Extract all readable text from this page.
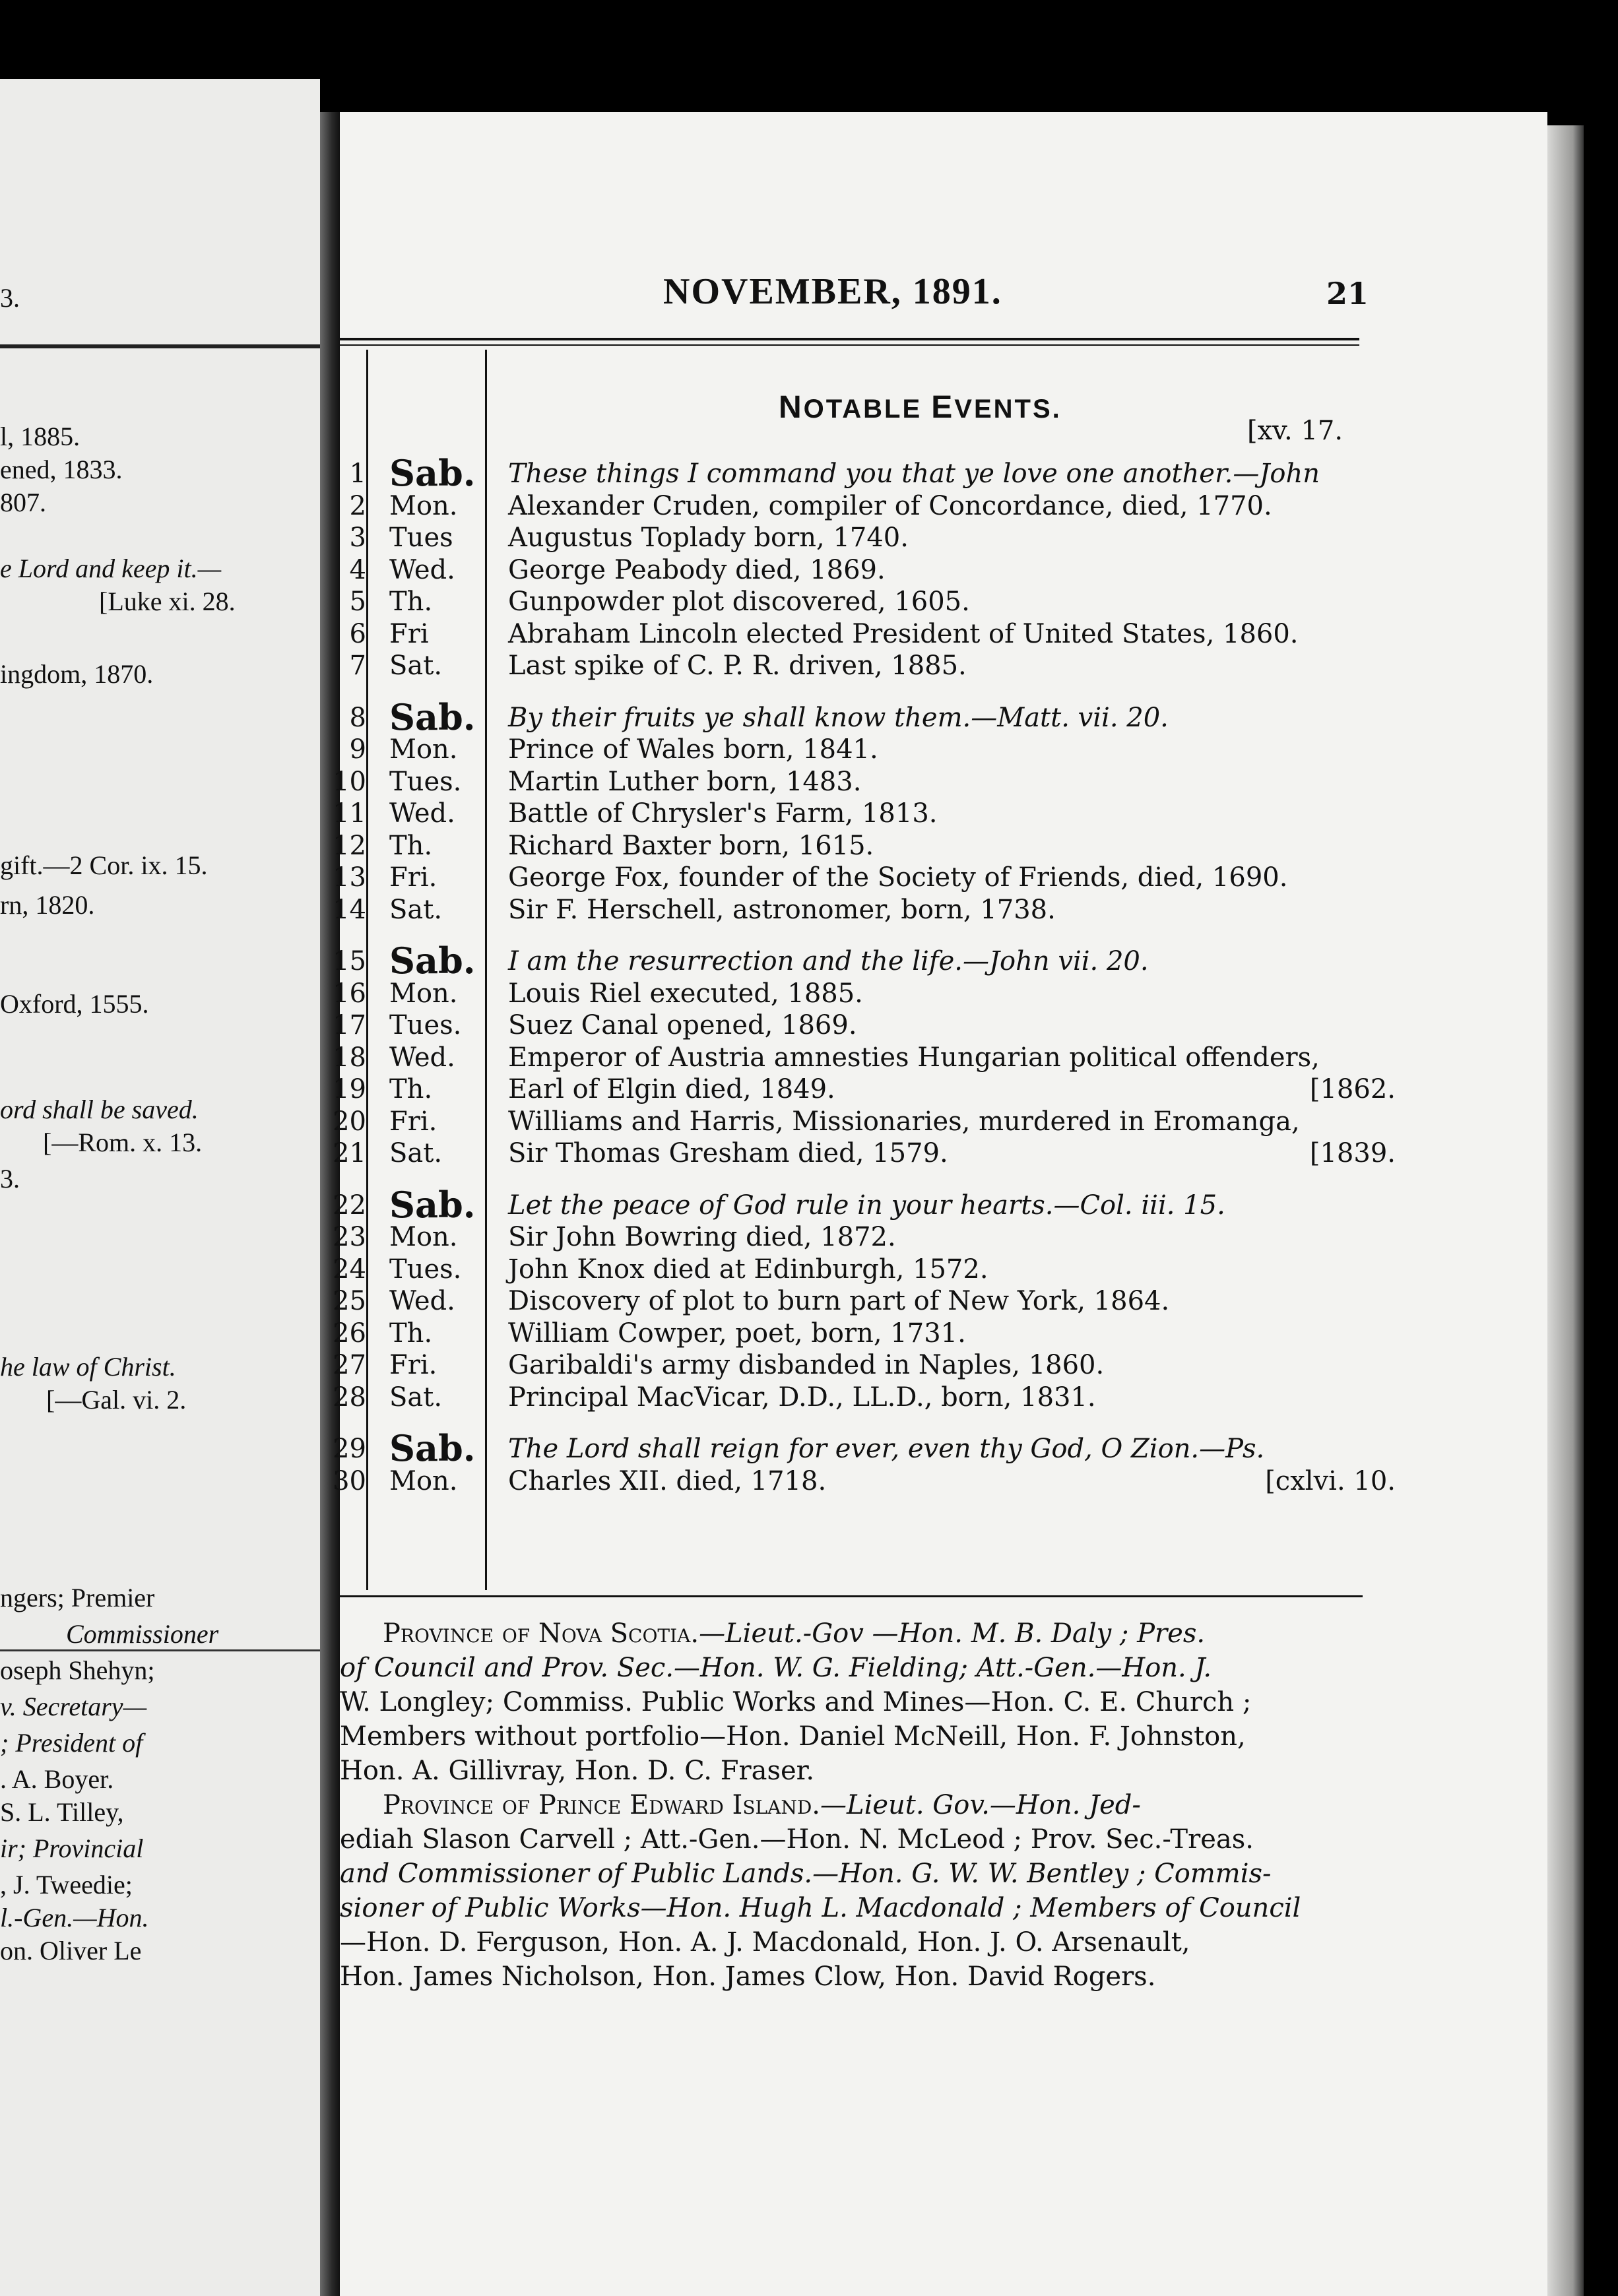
3.
l, 1885.
ened, 1833.
807.
e Lord and keep it.—
[Luke xi. 28.
ingdom, 1870.
gift.—2 Cor. ix. 15.
rn, 1820.
Oxford, 1555.
ord shall be saved.
[—Rom. x. 13.
3.
he law of Christ.
[—Gal. vi. 2.
ngers; Premier
Commissioner
oseph Shehyn;
v. Secretary—
; President of
. A. Boyer.
S. L. Tilley,
ir; Provincial
, J. Tweedie;
l.-Gen.—Hon.
on. Oliver Le
NOVEMBER, 1891.	21
NOTABLE EVENTS.
[xv. 17.
1 Sab. These things I command you that ye love one another.—John
2 Mon. Alexander Cruden, compiler of Concordance, died, 1770.
3 Tues Augustus Toplady born, 1740.
4 Wed. George Peabody died, 1869.
5 Th.	Gunpowder plot discovered, 1605.
6 Fri	Abraham Lincoln elected President of United States, 1860.
7 Sat. Last spike of C. P. R. driven, 1885.
8 Sab. By their fruits ye shall know them.—Matt. vii. 20.
9 Mon. Prince of Wales born, 1841.
10 Tues. Martin Luther born, 1483.
11 Wed. Battle of Chrysler's Farm, 1813.
12 Th.	Richard Baxter born, 1615.
13 Fri.	George Fox, founder of the Society of Friends, died, 1690.
14 Sat. Sir F. Herschell, astronomer, born, 1738.
15 Sab. I am the resurrection and the life.—John vii. 20.
16 Mon. Louis Riel executed, 1885.
17 Tues. Suez Canal opened, 1869.
18 Wed. Emperor of Austria amnesties Hungarian political offenders,
19 Th.	Earl of Elgin died, 1849.	[1862.
20 Fri.	Williams and Harris, Missionaries, murdered in Eromanga,
21 Sat. Sir Thomas Gresham died, 1579.	[1839.
22 Sab. Let the peace of God rule in your hearts.—Col. iii. 15.
23 Mon. Sir John Bowring died, 1872.
24 Tues. John Knox died at Edinburgh, 1572.
25 Wed. Discovery of plot to burn part of New York, 1864.
26 Th.	William Cowper, poet, born, 1731.
27 Fri.	Garibaldi's army disbanded in Naples, 1860.
28 Sat. Principal MacVicar, D.D., LL.D., born, 1831.
29 Sab. The Lord shall reign for ever, even thy God, O Zion.—Ps.
30 Mon. Charles XII. died, 1718.	[cxlvi. 10.
Province of Nova Scotia.—Lieut.-Gov —Hon. M. B. Daly ; Pres.
of Council and Prov. Sec.—Hon. W. G. Fielding; Att.-Gen.—Hon. J.
W. Longley; Commiss. Public Works and Mines—Hon. C. E. Church ;
Members without portfolio—Hon. Daniel McNeill, Hon. F. Johnston,
Hon. A. Gillivray, Hon. D. C. Fraser.
Province of Prince Edward Island.—Lieut. Gov.—Hon. Jed-
ediah Slason Carvell ; Att.-Gen.—Hon. N. McLeod ; Prov. Sec.-Treas.
and Commissioner of Public Lands.—Hon. G. W. W. Bentley ; Commis-
sioner of Public Works—Hon. Hugh L. Macdonald ; Members of Council
—Hon. D. Ferguson, Hon. A. J. Macdonald, Hon. J. O. Arsenault,
Hon. James Nicholson, Hon. James Clow, Hon. David Rogers.
